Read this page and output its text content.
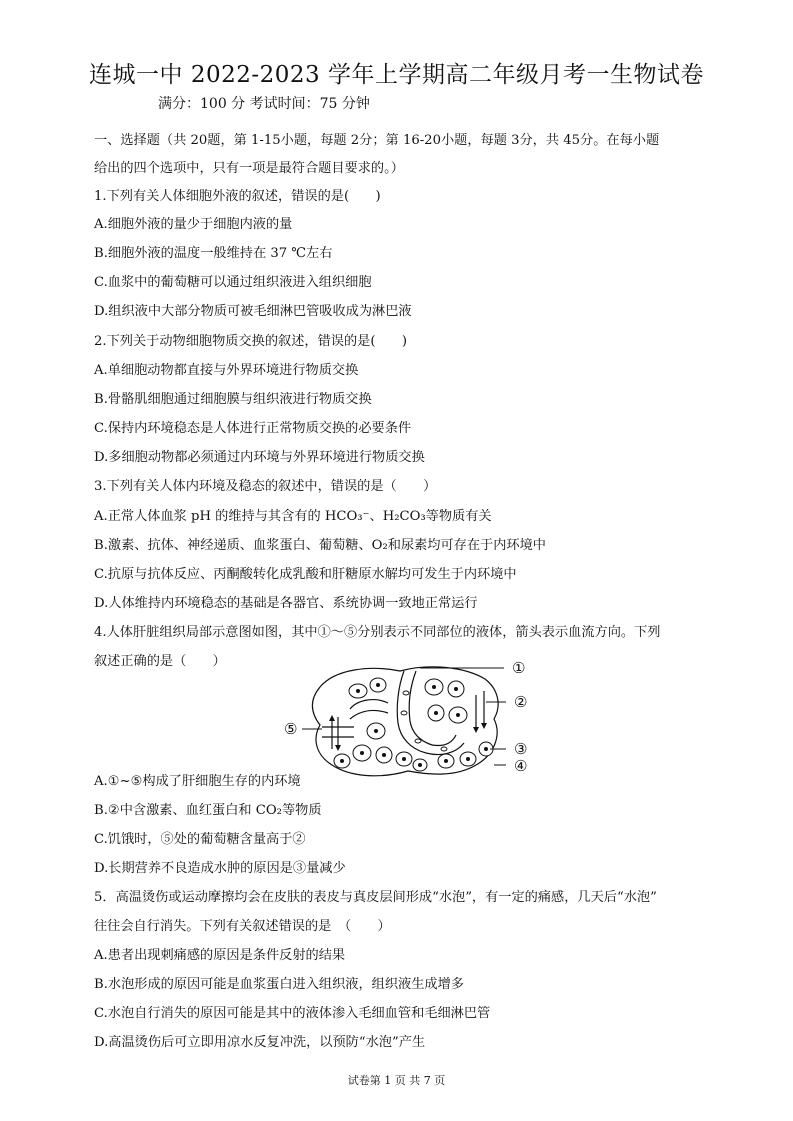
连城一中 2022-2023 学年上学期高二年级月考一生物试卷
满分：100 分 考试时间：75 分钟
一、选择题（共 20题，第 1-15小题，每题 2分；第 16-20小题，每题 3分，共 45分。在每小题
给出的四个选项中，只有一项是最符合题目要求的。）
1.下列有关人体细胞外液的叙述，错误的是(　　)
A.细胞外液的量少于细胞内液的量
B.细胞外液的温度一般维持在 37 ℃左右
C.血浆中的葡萄糖可以通过组织液进入组织细胞
D.组织液中大部分物质可被毛细淋巴管吸收成为淋巴液
2.下列关于动物细胞物质交换的叙述，错误的是(　　)
A.单细胞动物都直接与外界环境进行物质交换
B.骨骼肌细胞通过细胞膜与组织液进行物质交换
C.保持内环境稳态是人体进行正常物质交换的必要条件
D.多细胞动物都必须通过内环境与外界环境进行物质交换
3.下列有关人体内环境及稳态的叙述中，错误的是（　　）
A.正常人体血浆 pH 的维持与其含有的 HCO₃⁻、H₂CO₃等物质有关
B.激素、抗体、神经递质、血浆蛋白、葡萄糖、O₂和尿素均可存在于内环境中
C.抗原与抗体反应、丙酮酸转化成乳酸和肝糖原水解均可发生于内环境中
D.人体维持内环境稳态的基础是各器官、系统协调一致地正常运行
4.人体肝脏组织局部示意图如图，其中①～⑤分别表示不同部位的液体，箭头表示血流方向。下列
叙述正确的是（　　）	①
②
③
④
⑤
A.①~⑤构成了肝细胞生存的内环境
B.②中含激素、血红蛋白和 CO₂等物质
C.饥饿时，⑤处的葡萄糖含量高于②
D.长期营养不良造成水肿的原因是③量减少
5．高温烫伤或运动摩擦均会在皮肤的表皮与真皮层间形成“水泡”，有一定的痛感，几天后“水泡”
往往会自行消失。下列有关叙述错误的是　（　　）
A.患者出现刺痛感的原因是条件反射的结果
B.水泡形成的原因可能是血浆蛋白进入组织液，组织液生成增多
C.水泡自行消失的原因可能是其中的液体渗入毛细血管和毛细淋巴管
D.高温烫伤后可立即用凉水反复冲洗，以预防“水泡”产生
试卷第 1 页 共 7 页
